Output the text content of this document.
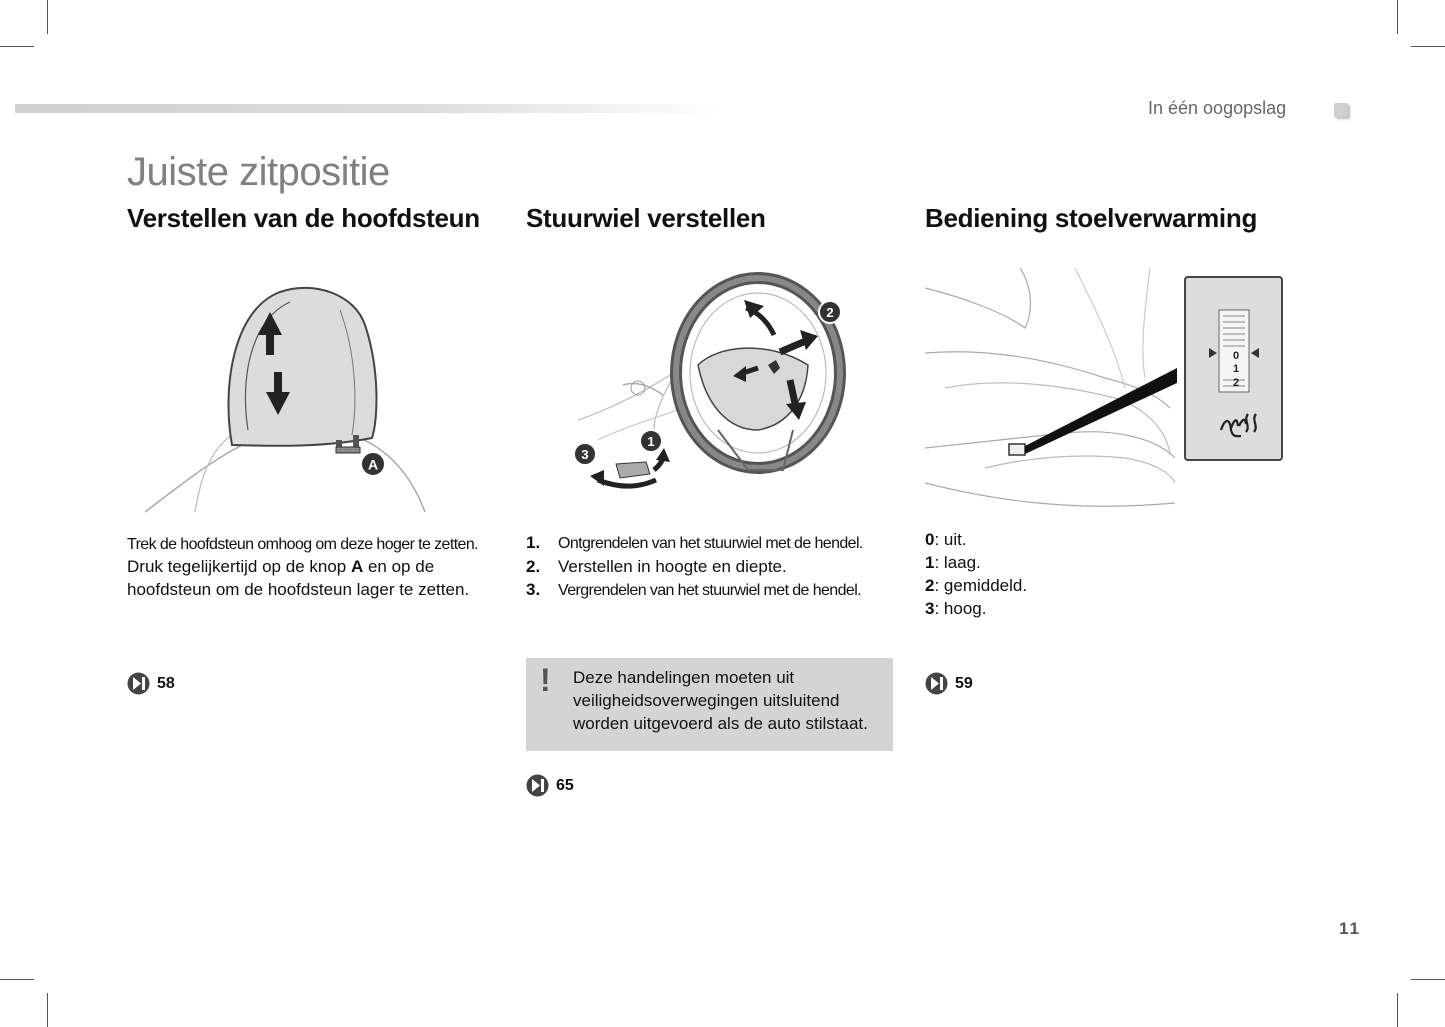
In één oogopslag
Juiste zitpositie
Verstellen van de hoofdsteun Stuurwiel verstellen	Bediening stoelverwarming
A
1
2
3
0
1
2
Trek de hoofdsteun omhoog om deze hoger te zetten.
Druk tegelijkertijd op de knop A en op de hoofdsteun om de hoofdsteun lager te zetten.
1. Ontgrendelen van het stuurwiel met de hendel.
2. Verstellen in hoogte en diepte.
3. Vergrendelen van het stuurwiel met de hendel.
0: uit.
1: laag.
2: gemiddeld.
3: hoog.
58	! Deze handelingen moeten uit veiligheidsoverwegingen uitsluitend worden uitgevoerd als de auto stilstaat.
65
59
11
